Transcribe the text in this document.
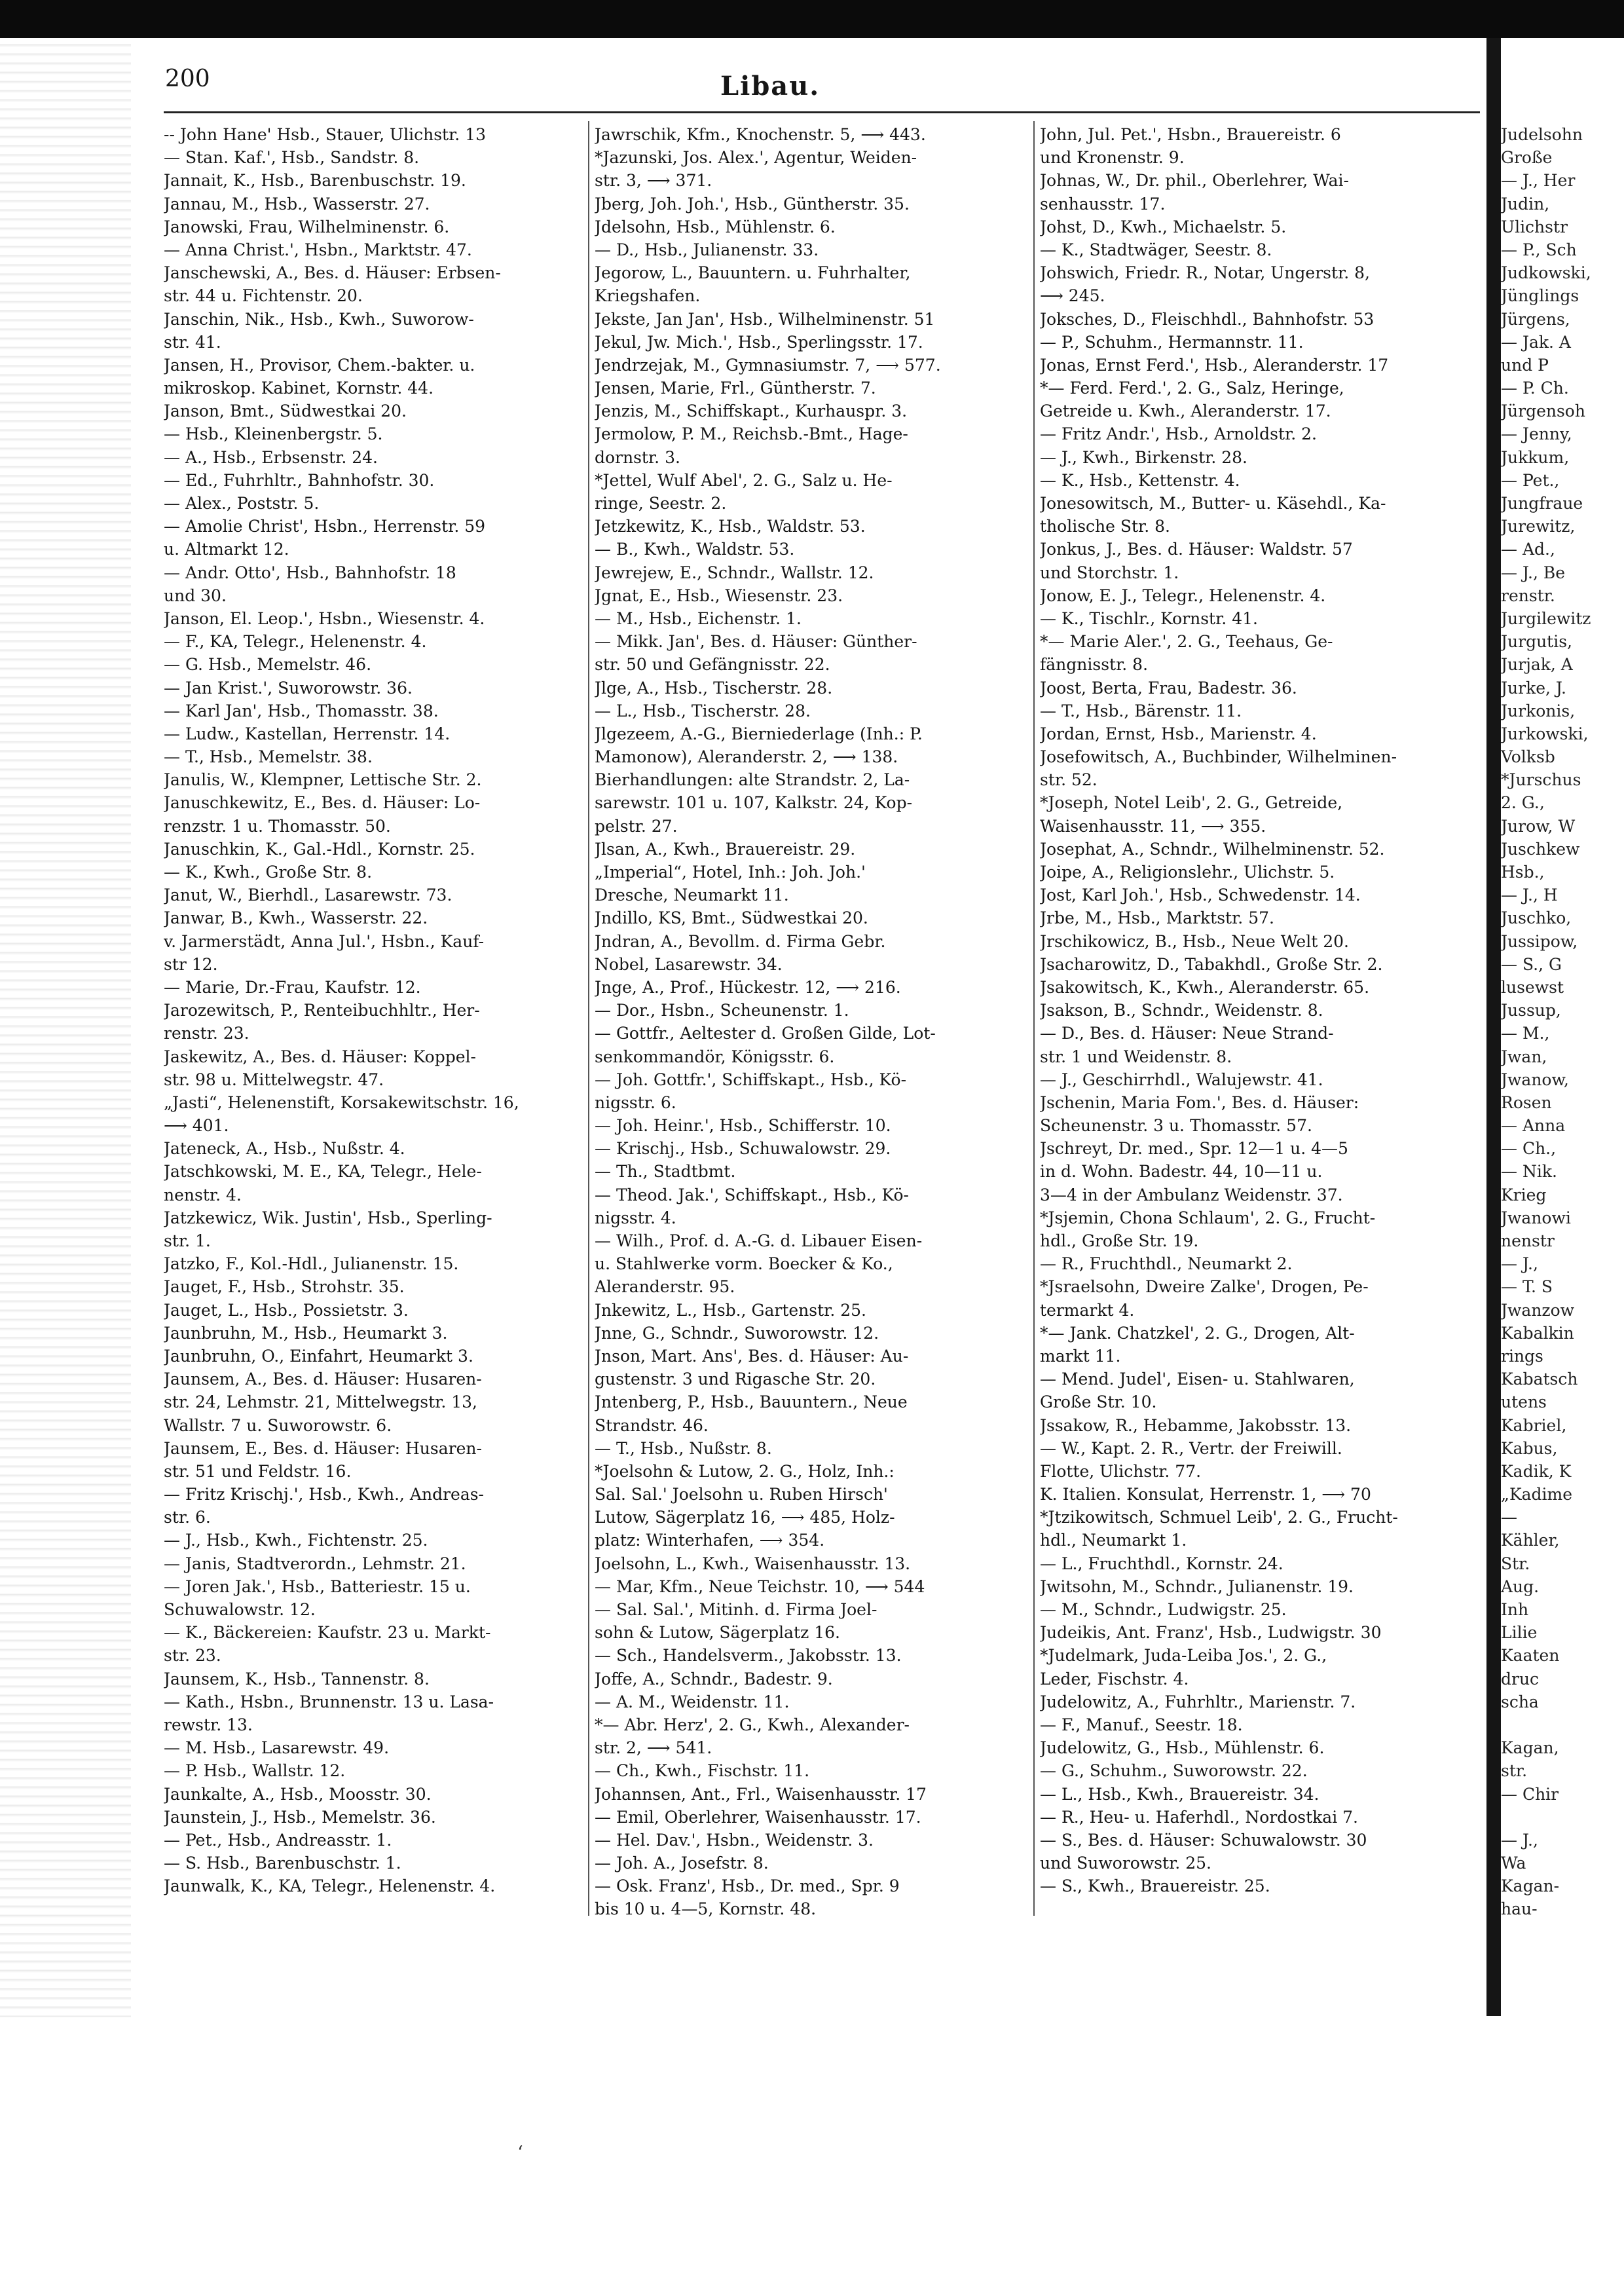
200	Libau.
-- John Hane' Hsb., Stauer, Ulichstr. 13
— Stan. Kaf.', Hsb., Sandstr. 8.
Jannait, K., Hsb., Barenbuschstr. 19.
Jannau, M., Hsb., Wasserstr. 27.
Janowski, Frau, Wilhelminenstr. 6.
— Anna Christ.', Hsbn., Marktstr. 47.
Janschewski, A., Bes. d. Häuser: Erbsen-
str. 44 u. Fichtenstr. 20.
Janschin, Nik., Hsb., Kwh., Suworow-
str. 41.
Jansen, H., Provisor, Chem.-bakter. u.
mikroskop. Kabinet, Kornstr. 44.
Janson, Bmt., Südwestkai 20.
— Hsb., Kleinenbergstr. 5.
— A., Hsb., Erbsenstr. 24.
— Ed., Fuhrhltr., Bahnhofstr. 30.
— Alex., Poststr. 5.
— Amolie Christ', Hsbn., Herrenstr. 59
u. Altmarkt 12.
— Andr. Otto', Hsb., Bahnhofstr. 18
und 30.
Janson, El. Leop.', Hsbn., Wiesenstr. 4.
— F., KA, Telegr., Helenenstr. 4.
— G. Hsb., Memelstr. 46.
— Jan Krist.', Suworowstr. 36.
— Karl Jan', Hsb., Thomasstr. 38.
— Ludw., Kastellan, Herrenstr. 14.
— T., Hsb., Memelstr. 38.
Janulis, W., Klempner, Lettische Str. 2.
Januschkewitz, E., Bes. d. Häuser: Lo-
renzstr. 1 u. Thomasstr. 50.
Januschkin, K., Gal.-Hdl., Kornstr. 25.
— K., Kwh., Große Str. 8.
Janut, W., Bierhdl., Lasarewstr. 73.
Janwar, B., Kwh., Wasserstr. 22.
v. Jarmerstädt, Anna Jul.', Hsbn., Kauf-
str 12.
— Marie, Dr.-Frau, Kaufstr. 12.
Jarozewitsch, P., Renteibuchhltr., Her-
renstr. 23.
Jaskewitz, A., Bes. d. Häuser: Koppel-
str. 98 u. Mittelwegstr. 47.
„Jasti“, Helenenstift, Korsakewitschstr. 16,
⟶ 401.
Jateneck, A., Hsb., Nußstr. 4.
Jatschkowski, M. E., KA, Telegr., Hele-
nenstr. 4.
Jatzkewicz, Wik. Justin', Hsb., Sperling-
str. 1.
Jatzko, F., Kol.-Hdl., Julianenstr. 15.
Jauget, F., Hsb., Strohstr. 35.
Jauget, L., Hsb., Possietstr. 3.
Jaunbruhn, M., Hsb., Heumarkt 3.
Jaunbruhn, O., Einfahrt, Heumarkt 3.
Jaunsem, A., Bes. d. Häuser: Husaren-
str. 24, Lehmstr. 21, Mittelwegstr. 13,
Wallstr. 7 u. Suworowstr. 6.
Jaunsem, E., Bes. d. Häuser: Husaren-
str. 51 und Feldstr. 16.
— Fritz Krischj.', Hsb., Kwh., Andreas-
str. 6.
— J., Hsb., Kwh., Fichtenstr. 25.
— Janis, Stadtverordn., Lehmstr. 21.
— Joren Jak.', Hsb., Batteriestr. 15 u.
Schuwalowstr. 12.
— K., Bäckereien: Kaufstr. 23 u. Markt-
str. 23.
Jaunsem, K., Hsb., Tannenstr. 8.
— Kath., Hsbn., Brunnenstr. 13 u. Lasa-
rewstr. 13.
— M. Hsb., Lasarewstr. 49.
— P. Hsb., Wallstr. 12.
Jaunkalte, A., Hsb., Moosstr. 30.
Jaunstein, J., Hsb., Memelstr. 36.
— Pet., Hsb., Andreasstr. 1.
— S. Hsb., Barenbuschstr. 1.
Jaunwalk, K., KA, Telegr., Helenenstr. 4.
Jawrschik, Kfm., Knochenstr. 5, ⟶ 443.
*Jazunski, Jos. Alex.', Agentur, Weiden-
str. 3, ⟶ 371.
Jberg, Joh. Joh.', Hsb., Güntherstr. 35.
Jdelsohn, Hsb., Mühlenstr. 6.
— D., Hsb., Julianenstr. 33.
Jegorow, L., Bauuntern. u. Fuhrhalter,
Kriegshafen.
Jekste, Jan Jan', Hsb., Wilhelminenstr. 51
Jekul, Jw. Mich.', Hsb., Sperlingsstr. 17.
Jendrzejak, M., Gymnasiumstr. 7, ⟶ 577.
Jensen, Marie, Frl., Güntherstr. 7.
Jenzis, M., Schiffskapt., Kurhauspr. 3.
Jermolow, P. M., Reichsb.-Bmt., Hage-
dornstr. 3.
*Jettel, Wulf Abel', 2. G., Salz u. He-
ringe, Seestr. 2.
Jetzkewitz, K., Hsb., Waldstr. 53.
— B., Kwh., Waldstr. 53.
Jewrejew, E., Schndr., Wallstr. 12.
Jgnat, E., Hsb., Wiesenstr. 23.
— M., Hsb., Eichenstr. 1.
— Mikk. Jan', Bes. d. Häuser: Günther-
str. 50 und Gefängnisstr. 22.
Jlge, A., Hsb., Tischerstr. 28.
— L., Hsb., Tischerstr. 28.
Jlgezeem, A.-G., Bierniederlage (Inh.: P.
Mamonow), Aleranderstr. 2, ⟶ 138.
Bierhandlungen: alte Strandstr. 2, La-
sarewstr. 101 u. 107, Kalkstr. 24, Kop-
pelstr. 27.
Jlsan, A., Kwh., Brauereistr. 29.
„Imperial“, Hotel, Inh.: Joh. Joh.'
Dresche, Neumarkt 11.
Jndillo, KS, Bmt., Südwestkai 20.
Jndran, A., Bevollm. d. Firma Gebr.
Nobel, Lasarewstr. 34.
Jnge, A., Prof., Hückestr. 12, ⟶ 216.
— Dor., Hsbn., Scheunenstr. 1.
— Gottfr., Aeltester d. Großen Gilde, Lot-
senkommandör, Königsstr. 6.
— Joh. Gottfr.', Schiffskapt., Hsb., Kö-
nigsstr. 6.
— Joh. Heinr.', Hsb., Schifferstr. 10.
— Krischj., Hsb., Schuwalowstr. 29.
— Th., Stadtbmt.
— Theod. Jak.', Schiffskapt., Hsb., Kö-
nigsstr. 4.
— Wilh., Prof. d. A.-G. d. Libauer Eisen-
u. Stahlwerke vorm. Boecker & Ko.,
Aleranderstr. 95.
Jnkewitz, L., Hsb., Gartenstr. 25.
Jnne, G., Schndr., Suworowstr. 12.
Jnson, Mart. Ans', Bes. d. Häuser: Au-
gustenstr. 3 und Rigasche Str. 20.
Jntenberg, P., Hsb., Bauuntern., Neue
Strandstr. 46.
— T., Hsb., Nußstr. 8.
*Joelsohn & Lutow, 2. G., Holz, Inh.:
Sal. Sal.' Joelsohn u. Ruben Hirsch'
Lutow, Sägerplatz 16, ⟶ 485, Holz-
platz: Winterhafen, ⟶ 354.
Joelsohn, L., Kwh., Waisenhausstr. 13.
— Mar, Kfm., Neue Teichstr. 10, ⟶ 544
— Sal. Sal.', Mitinh. d. Firma Joel-
sohn & Lutow, Sägerplatz 16.
— Sch., Handelsverm., Jakobsstr. 13.
Joffe, A., Schndr., Badestr. 9.
— A. M., Weidenstr. 11.
*— Abr. Herz', 2. G., Kwh., Alexander-
str. 2, ⟶ 541.
— Ch., Kwh., Fischstr. 11.
Johannsen, Ant., Frl., Waisenhausstr. 17
— Emil, Oberlehrer, Waisenhausstr. 17.
— Hel. Dav.', Hsbn., Weidenstr. 3.
— Joh. A., Josefstr. 8.
— Osk. Franz', Hsb., Dr. med., Spr. 9
bis 10 u. 4—5, Kornstr. 48.
John, Jul. Pet.', Hsbn., Brauereistr. 6
und Kronenstr. 9.
Johnas, W., Dr. phil., Oberlehrer, Wai-
senhausstr. 17.
Johst, D., Kwh., Michaelstr. 5.
— K., Stadtwäger, Seestr. 8.
Johswich, Friedr. R., Notar, Ungerstr. 8,
⟶ 245.
Joksches, D., Fleischhdl., Bahnhofstr. 53
— P., Schuhm., Hermannstr. 11.
Jonas, Ernst Ferd.', Hsb., Aleranderstr. 17
*— Ferd. Ferd.', 2. G., Salz, Heringe,
Getreide u. Kwh., Aleranderstr. 17.
— Fritz Andr.', Hsb., Arnoldstr. 2.
— J., Kwh., Birkenstr. 28.
— K., Hsb., Kettenstr. 4.
Jonesowitsch, M., Butter- u. Käsehdl., Ka-
tholische Str. 8.
Jonkus, J., Bes. d. Häuser: Waldstr. 57
und Storchstr. 1.
Jonow, E. J., Telegr., Helenenstr. 4.
— K., Tischlr., Kornstr. 41.
*— Marie Aler.', 2. G., Teehaus, Ge-
fängnisstr. 8.
Joost, Berta, Frau, Badestr. 36.
— T., Hsb., Bärenstr. 11.
Jordan, Ernst, Hsb., Marienstr. 4.
Josefowitsch, A., Buchbinder, Wilhelminen-
str. 52.
*Joseph, Notel Leib', 2. G., Getreide,
Waisenhausstr. 11, ⟶ 355.
Josephat, A., Schndr., Wilhelminenstr. 52.
Joipe, A., Religionslehr., Ulichstr. 5.
Jost, Karl Joh.', Hsb., Schwedenstr. 14.
Jrbe, M., Hsb., Marktstr. 57.
Jrschikowicz, B., Hsb., Neue Welt 20.
Jsacharowitz, D., Tabakhdl., Große Str. 2.
Jsakowitsch, K., Kwh., Aleranderstr. 65.
Jsakson, B., Schndr., Weidenstr. 8.
— D., Bes. d. Häuser: Neue Strand-
str. 1 und Weidenstr. 8.
— J., Geschirrhdl., Walujewstr. 41.
Jschenin, Maria Fom.', Bes. d. Häuser:
Scheunenstr. 3 u. Thomasstr. 57.
Jschreyt, Dr. med., Spr. 12—1 u. 4—5
in d. Wohn. Badestr. 44, 10—11 u.
3—4 in der Ambulanz Weidenstr. 37.
*Jsjemin, Chona Schlaum', 2. G., Frucht-
hdl., Große Str. 19.
— R., Fruchthdl., Neumarkt 2.
*Jsraelsohn, Dweire Zalke', Drogen, Pe-
termarkt 4.
*— Jank. Chatzkel', 2. G., Drogen, Alt-
markt 11.
— Mend. Judel', Eisen- u. Stahlwaren,
Große Str. 10.
Jssakow, R., Hebamme, Jakobsstr. 13.
— W., Kapt. 2. R., Vertr. der Freiwill.
Flotte, Ulichstr. 77.
K. Italien. Konsulat, Herrenstr. 1, ⟶ 70
*Jtzikowitsch, Schmuel Leib', 2. G., Frucht-
hdl., Neumarkt 1.
— L., Fruchthdl., Kornstr. 24.
Jwitsohn, M., Schndr., Julianenstr. 19.
— M., Schndr., Ludwigstr. 25.
Judeikis, Ant. Franz', Hsb., Ludwigstr. 30
*Judelmark, Juda-Leiba Jos.', 2. G.,
Leder, Fischstr. 4.
Judelowitz, A., Fuhrhltr., Marienstr. 7.
— F., Manuf., Seestr. 18.
Judelowitz, G., Hsb., Mühlenstr. 6.
— G., Schuhm., Suworowstr. 22.
— L., Hsb., Kwh., Brauereistr. 34.
— R., Heu- u. Haferhdl., Nordostkai 7.
— S., Bes. d. Häuser: Schuwalowstr. 30
und Suworowstr. 25.
— S., Kwh., Brauereistr. 25.
Judelsohn
Große
— J., Her
Judin,
Ulichstr
— P., Sch
Judkowski,
Jünglings
Jürgens,
— Jak. A
und P
— P. Ch.
Jürgensoh
— Jenny,
Jukkum,
— Pet.,
Jungfraue
Jurewitz,
— Ad.,
— J., Be
renstr.
Jurgilewitz
Jurgutis,
Jurjak, A
Jurke, J.
Jurkonis,
Jurkowski,
Volksb
*Jurschus
2. G.,
Jurow, W
Juschkew
Hsb.,
— J., H
Juschko,
Jussipow,
— S., G
lusewst
Jussup,
— M.,
Jwan,
Jwanow,
Rosen
— Anna
— Ch.,
— Nik.
Krieg
Jwanowi
nenstr
— J.,
— T. S
Jwanzow
Kabalkin
rings
Kabatsch
utens
Kabriel,
Kabus,
Kadik, K
„Kadime
—
Kähler,
Str.
Aug.
Inh
Lilie
Kaaten
druc
scha
Kagan,
str.
— Chir
— J.,
Wa
Kagan-
hau-
ʻ
